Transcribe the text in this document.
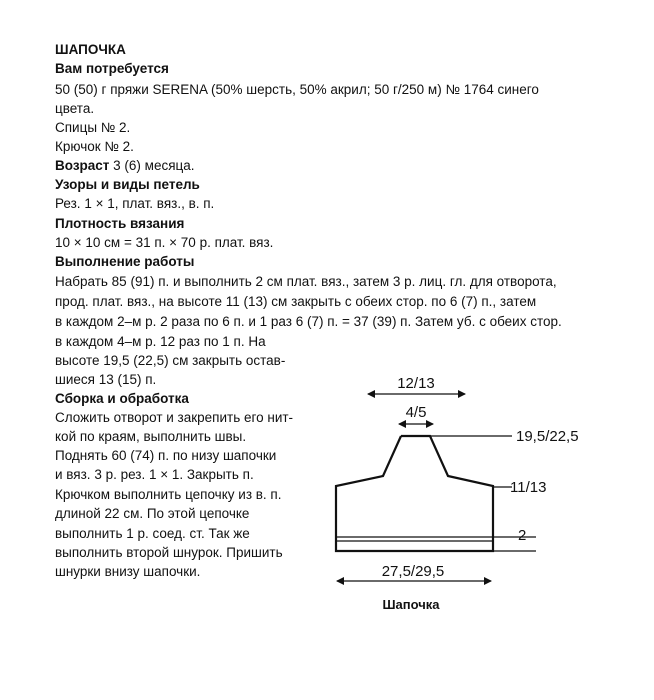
ШАПОЧКА
Вам потребуется
50 (50) г пряжи SERENA (50% шерсть, 50% акрил; 50 г/250 м) № 1764 синего
цвета.
Спицы № 2.
Крючок № 2.
Возраст 3 (6) месяца.
Узоры и виды петель
Рез. 1 × 1, плат. вяз., в. п.
Плотность вязания
10 × 10 см = 31 п. × 70 р. плат. вяз.
Выполнение работы
Набрать 85 (91) п. и выполнить 2 см плат. вяз., затем 3 р. лиц. гл. для отворота,
прод. плат. вяз., на высоте 11 (13) см закрыть с обеих стор. по 6 (7) п., затем
в каждом 2–м р. 2 раза по 6 п. и 1 раз 6 (7) п. = 37 (39) п. Затем уб. с обеих стор.
в каждом 4–м р. 12 раз по 1 п. На
высоте 19,5 (22,5) см закрыть остав-
шиеся 13 (15) п.
Сборка и обработка
Сложить отворот и закрепить его нит-
кой по краям, выполнить швы.
Поднять 60 (74) п. по низу шапочки
и вяз. 3 р. рез. 1 × 1. Закрыть п.
Крючком выполнить цепочку из в. п.
длиной 22 см. По этой цепочке
выполнить 1 р. соед. ст. Так же
выполнить второй шнурок. Пришить
шнурки внизу шапочки.
12/13
4/5
19,5/22,5
11/13
2
27,5/29,5
Шапочка
